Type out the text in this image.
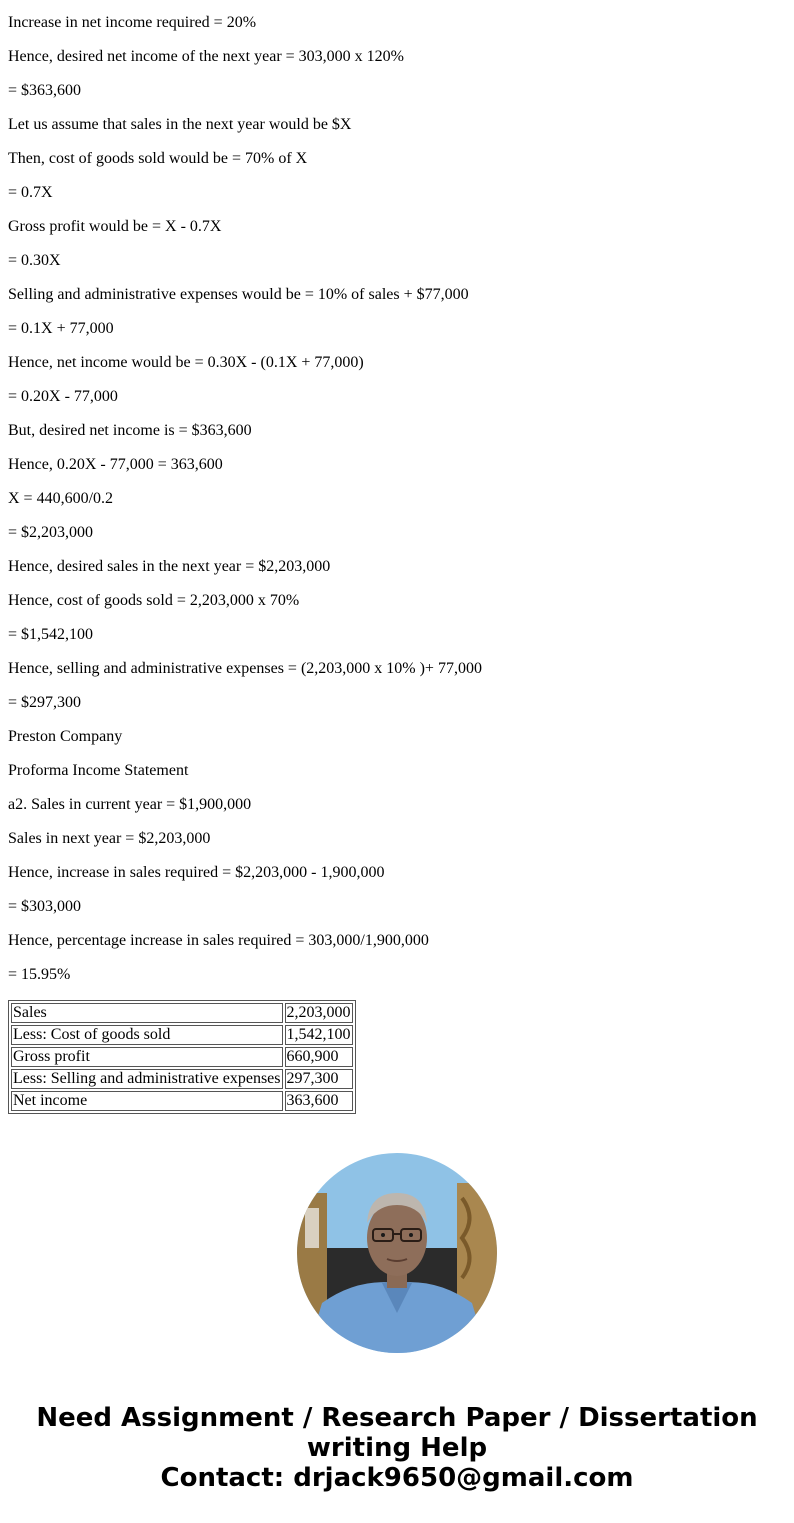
Increase in net income required = 20%
Hence, desired net income of the next year = 303,000 x 120%
= $363,600
Let us assume that sales in the next year would be $X
Then, cost of goods sold would be = 70% of X
= 0.7X
Gross profit would be = X - 0.7X
= 0.30X
Selling and administrative expenses would be = 10% of sales + $77,000
= 0.1X + 77,000
Hence, net income would be = 0.30X - (0.1X + 77,000)
= 0.20X - 77,000
But, desired net income is = $363,600
Hence, 0.20X - 77,000 = 363,600
X = 440,600/0.2
= $2,203,000
Hence, desired sales in the next year = $2,203,000
Hence, cost of goods sold = 2,203,000 x 70%
= $1,542,100
Hence, selling and administrative expenses = (2,203,000 x 10% )+ 77,000
= $297,300
Preston Company
Proforma Income Statement
a2. Sales in current year = $1,900,000
Sales in next year = $2,203,000
Hence, increase in sales required = $2,203,000 - 1,900,000
= $303,000
Hence, percentage increase in sales required = 303,000/1,900,000
= 15.95%
Sales	2,203,000
Less: Cost of goods sold	1,542,100
Gross profit	660,900
Less: Selling and administrative expenses	297,300
Net income	363,600
Need Assignment / Research Paper / Dissertation
writing Help
Contact: drjack9650@gmail.com
